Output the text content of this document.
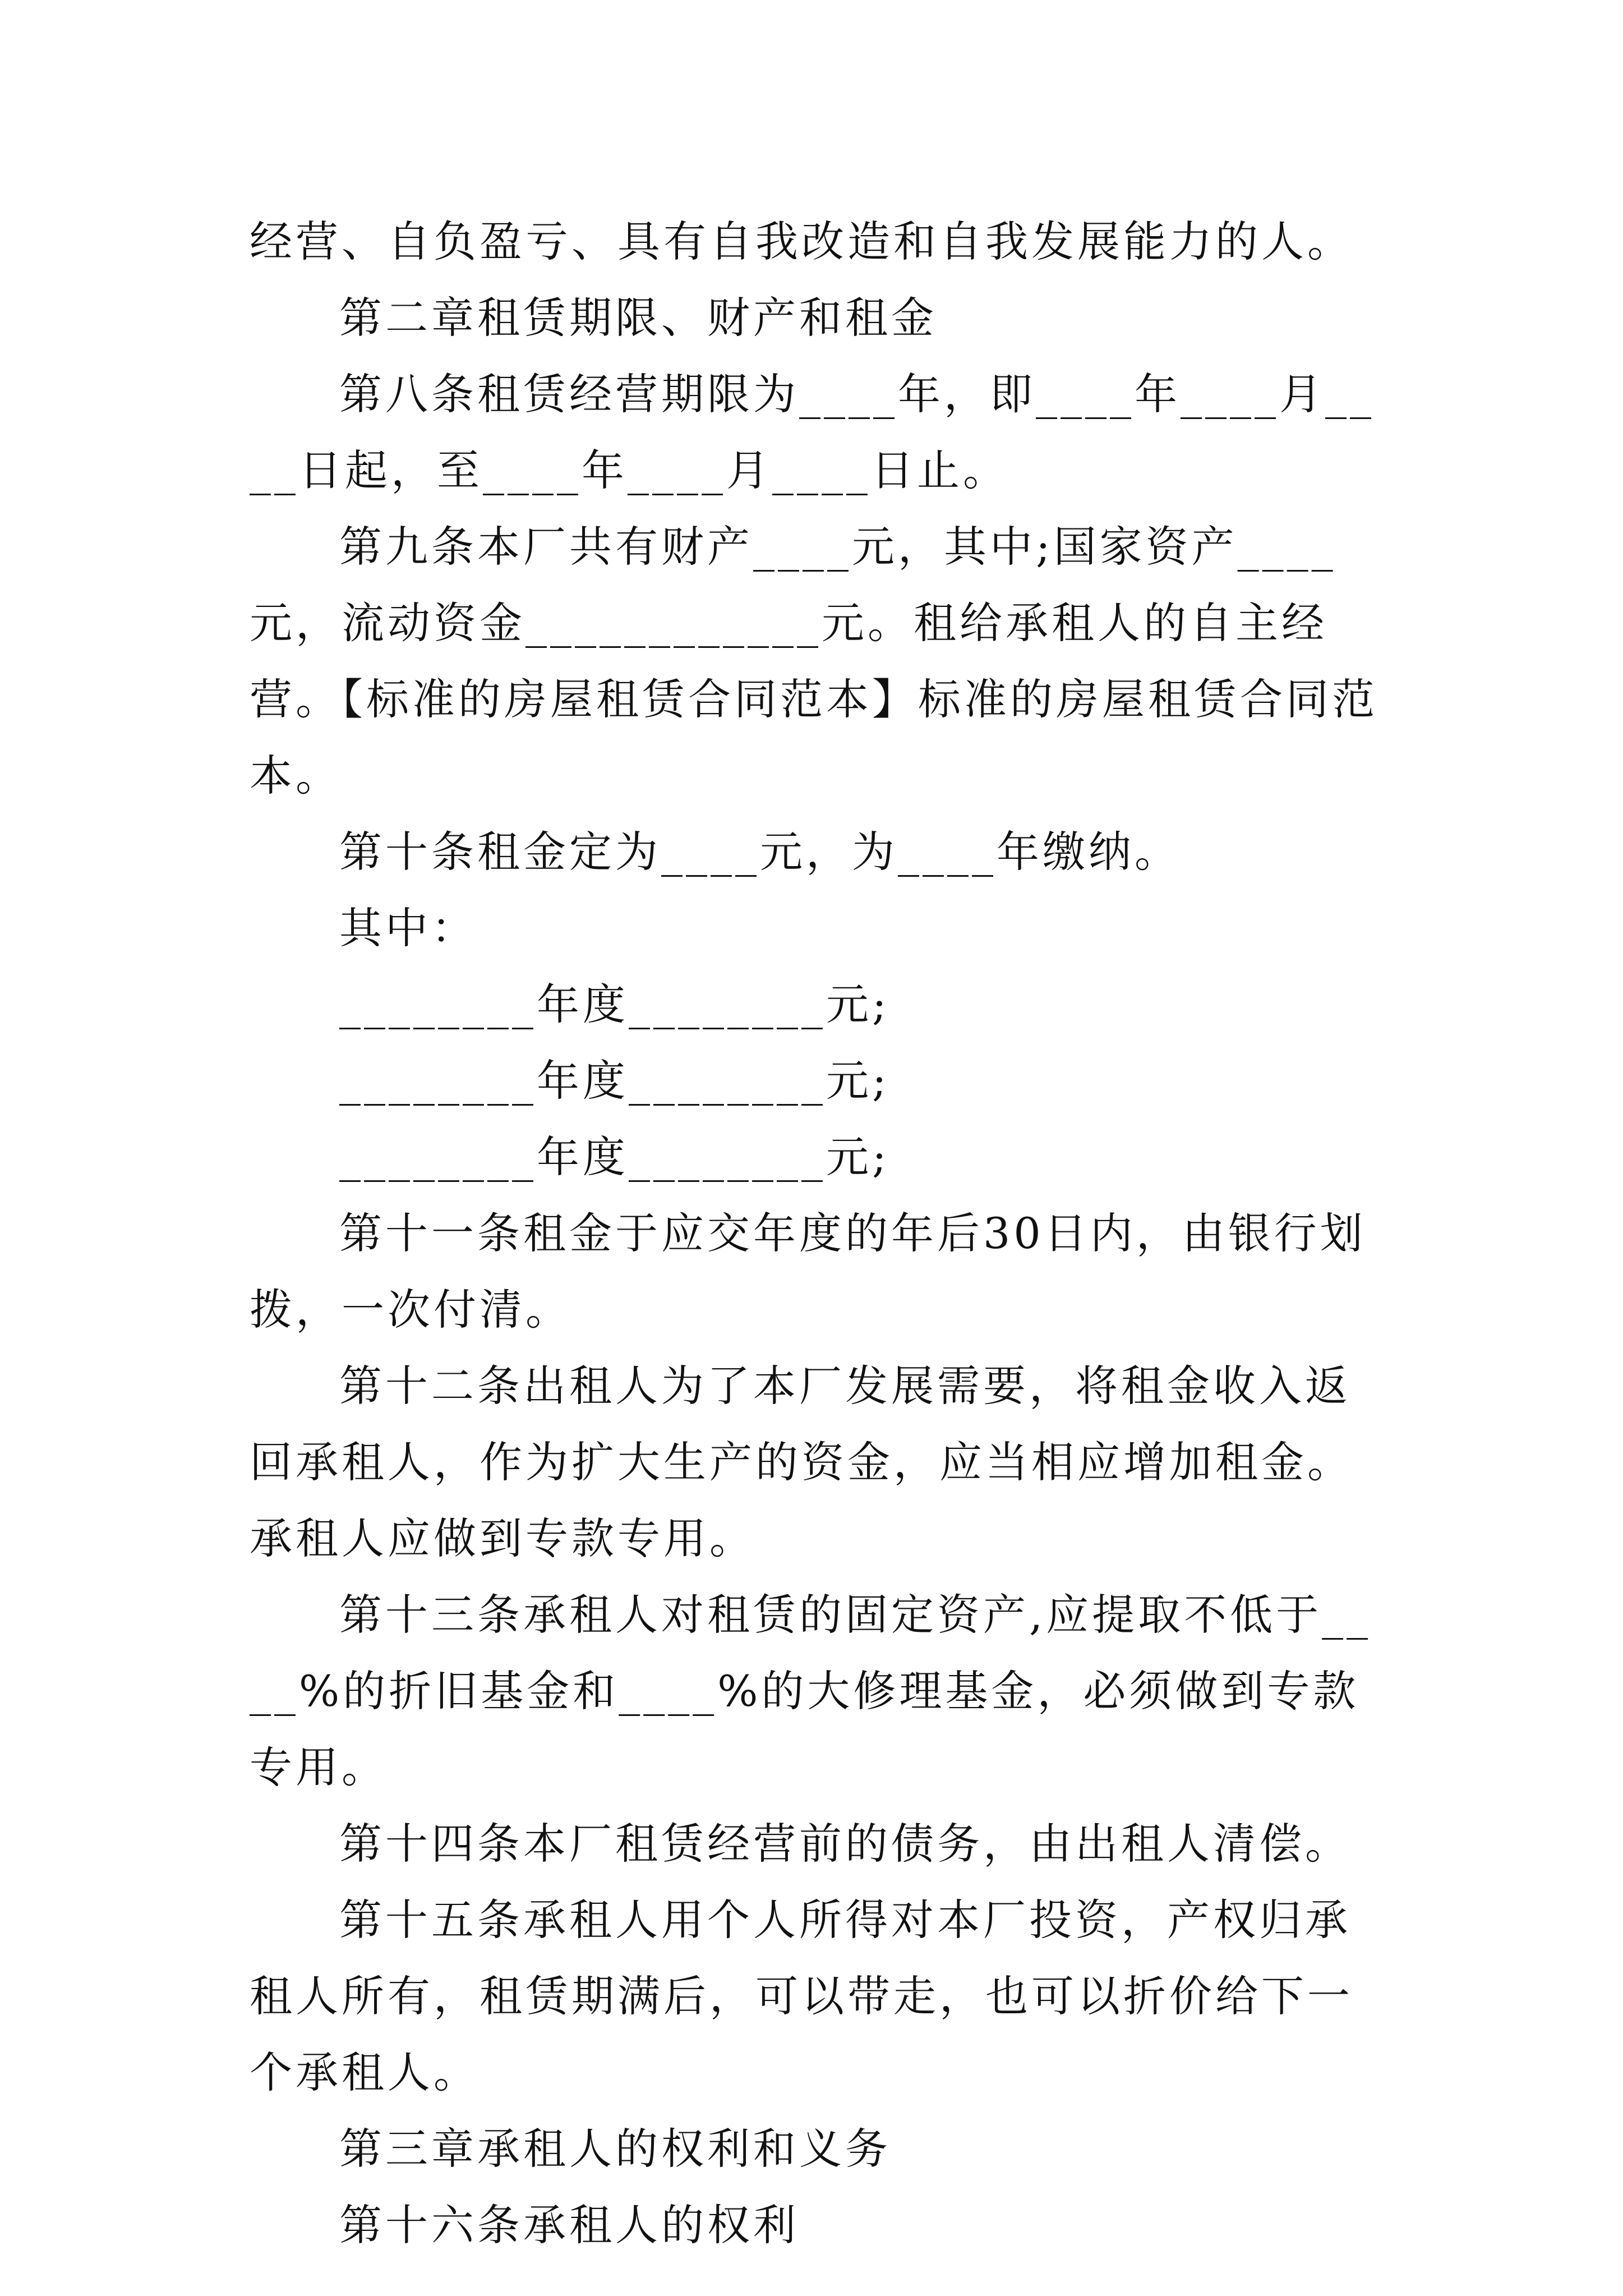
经营、自负盈亏、具有自我改造和自我发展能力的人。

第二章租赁期限、财产和租金

第八条租赁经营期限为____年，即____年____月____日起，至____年____月____日止。

第九条本厂共有财产____元，其中;国家资产____元，流动资金____________元。租给承租人的自主经营。【标准的房屋租赁合同范本】标准的房屋租赁合同范本。

第十条租金定为____元，为____年缴纳。

其中：

________年度________元;

________年度________元;

________年度________元;

第十一条租金于应交年度的年后30日内，由银行划拨，一次付清。

第十二条出租人为了本厂发展需要，将租金收入返回承租人，作为扩大生产的资金，应当相应增加租金。承租人应做到专款专用。

第十三条承租人对租赁的固定资产,应提取不低于____%的折旧基金和____%的大修理基金，必须做到专款专用。

第十四条本厂租赁经营前的债务，由出租人清偿。

第十五条承租人用个人所得对本厂投资，产权归承租人所有，租赁期满后，可以带走，也可以折价给下一个承租人。

第三章承租人的权利和义务

第十六条承租人的权利
